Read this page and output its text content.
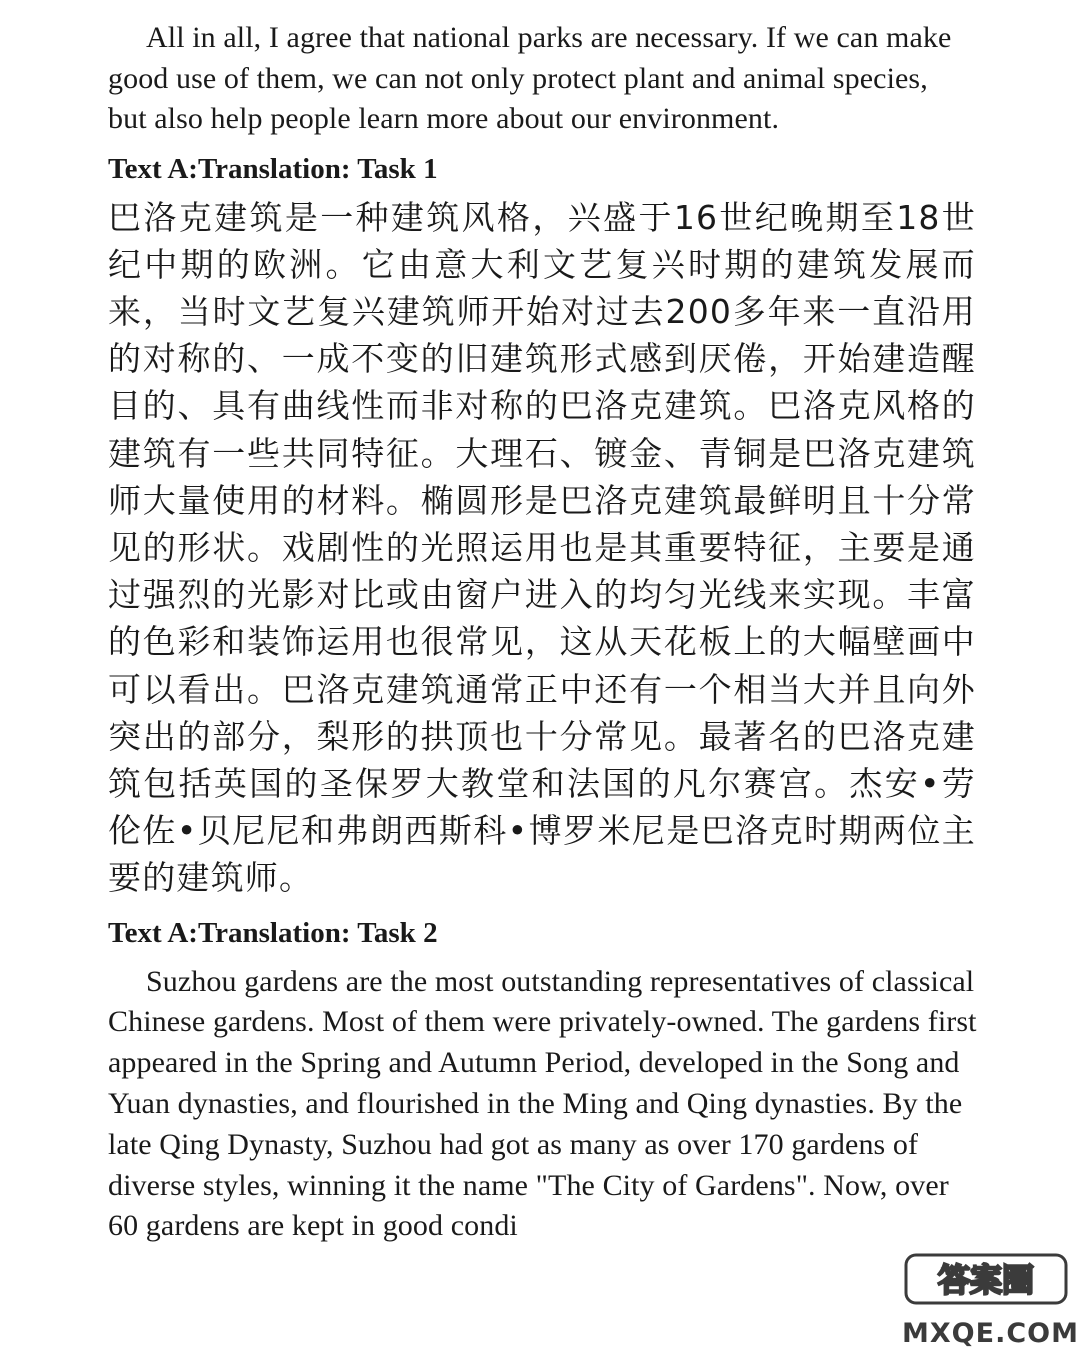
All in all, I agree that national parks are necessary. If we can make good use of them, we can not only protect plant and animal species, but also help people learn more about our environment.

Text A:Translation: Task 1

巴洛克建筑是一种建筑风格，兴盛于16世纪晚期至18世纪中期的欧洲。它由意大利文艺复兴时期的建筑发展而来，当时文艺复兴建筑师开始对过去200多年来一直沿用的对称的、一成不变的旧建筑形式感到厌倦，开始建造醒目的、具有曲线性而非对称的巴洛克建筑。巴洛克风格的建筑有一些共同特征。大理石、镀金、青铜是巴洛克建筑师大量使用的材料。椭圆形是巴洛克建筑最鲜明且十分常见的形状。戏剧性的光照运用也是其重要特征，主要是通过强烈的光影对比或由窗户进入的均匀光线来实现。丰富的色彩和装饰运用也很常见，这从天花板上的大幅壁画中可以看出。巴洛克建筑通常正中还有一个相当大并且向外突出的部分，梨形的拱顶也十分常见。最著名的巴洛克建筑包括英国的圣保罗大教堂和法国的凡尔赛宫。杰安•劳伦佐•贝尼尼和弗朗西斯科•博罗米尼是巴洛克时期两位主要的建筑师。

Text A:Translation: Task 2

Suzhou gardens are the most outstanding representatives of classical Chinese gardens. Most of them were privately-owned. The gardens first appeared in the Spring and Autumn Period, developed in the Song and Yuan dynasties, and flourished in the Ming and Qing dynasties. By the late Qing Dynasty, Suzhou had got as many as over 170 gardens of diverse styles, winning it the name "The City of Gardens". Now, over 60 gardens are kept in good condi

答案圈
MXQE.COM
